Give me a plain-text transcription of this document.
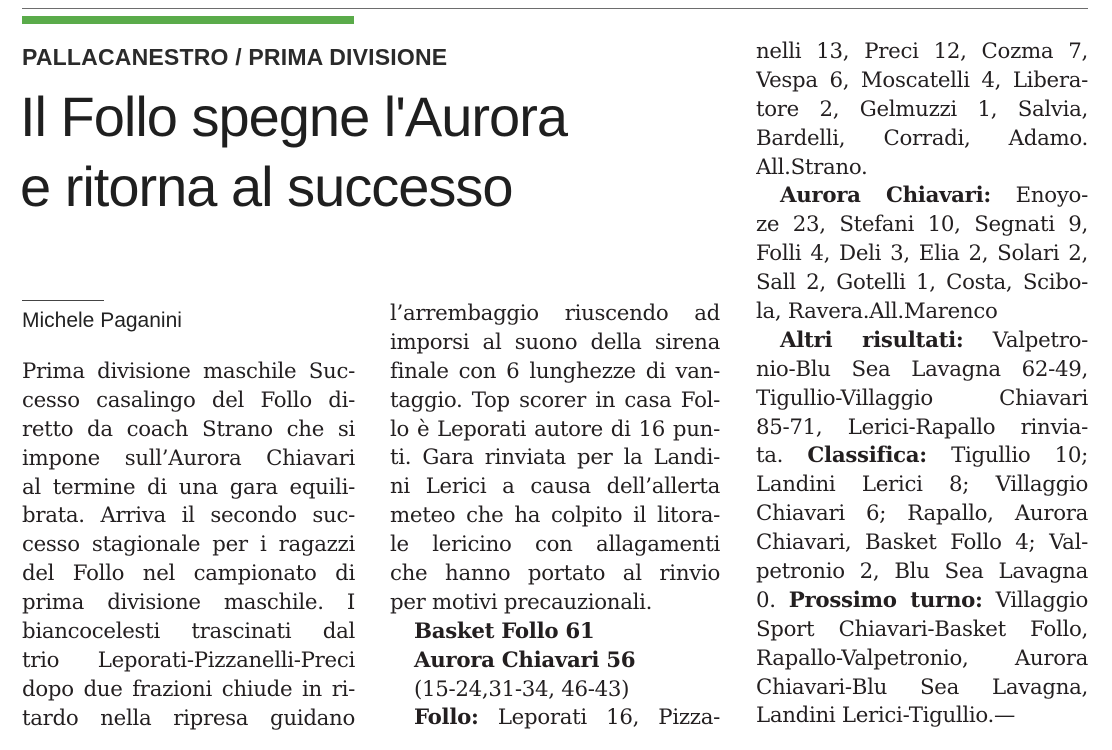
PALLACANESTRO / PRIMA DIVISIONE
Il Follo spegne l'Aurora
e ritorna al successo
Michele Paganini
Prima divisione maschile Suc-
cesso casalingo del Follo di-
retto da coach Strano che si
impone sull’Aurora Chiavari
al termine di una gara equili-
brata. Arriva il secondo suc-
cesso stagionale per i ragazzi
del Follo nel campionato di
prima divisione maschile. I
biancocelesti trascinati dal
trio Leporati-Pizzanelli-Preci
dopo due frazioni chiude in ri-
tardo nella ripresa guidano
l’arrembaggio riuscendo ad
imporsi al suono della sirena
finale con 6 lunghezze di van-
taggio. Top scorer in casa Fol-
lo è Leporati autore di 16 pun-
ti. Gara rinviata per la Landi-
ni Lerici a causa dell’allerta
meteo che ha colpito il litora-
le lericino con allagamenti
che hanno portato al rinvio
per motivi precauzionali.
Basket Follo 61
Aurora Chiavari 56
(15-24,31-34, 46-43)
Follo: Leporati 16, Pizza-
nelli 13, Preci 12, Cozma 7,
Vespa 6, Moscatelli 4, Libera-
tore 2, Gelmuzzi 1, Salvia,
Bardelli, Corradi, Adamo.
All.Strano.
Aurora Chiavari: Enoyo-
ze 23, Stefani 10, Segnati 9,
Folli 4, Deli 3, Elia 2, Solari 2,
Sall 2, Gotelli 1, Costa, Scibo-
la, Ravera.All.Marenco
Altri risultati: Valpetro-
nio-Blu Sea Lavagna 62-49,
Tigullio-Villaggio Chiavari
85-71, Lerici-Rapallo rinvia-
ta. Classifica: Tigullio 10;
Landini Lerici 8; Villaggio
Chiavari 6; Rapallo, Aurora
Chiavari, Basket Follo 4; Val-
petronio 2, Blu Sea Lavagna
0. Prossimo turno: Villaggio
Sport Chiavari-Basket Follo,
Rapallo-Valpetronio, Aurora
Chiavari-Blu Sea Lavagna,
Landini Lerici-Tigullio.—
